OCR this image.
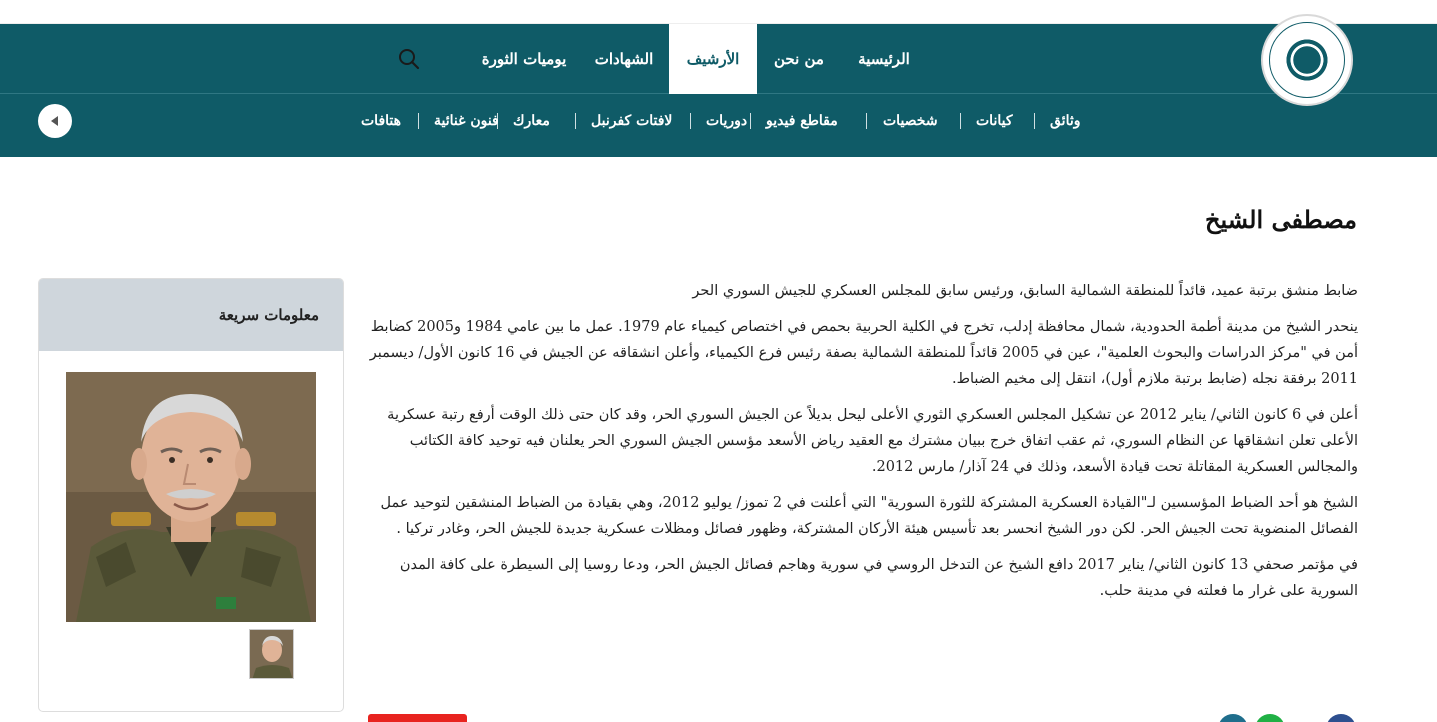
الرئيسية
من نحن
الأرشيف
الشهادات
يوميات الثورة
وثائق
كيانات
شخصيات
مقاطع فيديو
دوريات
لافتات كفرنبل
معارك
فنون غنائية
هتافات
مصطفى الشيخ

ضابط منشق برتبة عميد، قائداً للمنطقة الشمالية السابق، ورئيس سابق للمجلس العسكري للجيش السوري الحر

ينحدر الشيخ من مدينة أطمة الحدودية، شمال محافظة إدلب، تخرج في الكلية الحربية بحمص في اختصاص كيمياء عام 1979. عمل ما بين عامي 1984 و2005 كضابط أمن في "مركز الدراسات والبحوث العلمية"، عين في 2005 قائداً للمنطقة الشمالية بصفة رئيس فرع الكيمياء، وأعلن انشقاقه عن الجيش في 16 كانون الأول/ ديسمبر 2011 برفقة نجله (ضابط برتبة ملازم أول)، انتقل إلى مخيم الضباط.

أعلن في 6 كانون الثاني/ يناير 2012 عن تشكيل المجلس العسكري الثوري الأعلى ليحل بديلاً عن الجيش السوري الحر، وقد كان حتى ذلك الوقت أرفع رتبة عسكرية الأعلى تعلن انشقاقها عن النظام السوري، ثم عقب اتفاق خرج ببيان مشترك مع العقيد رياض الأسعد مؤسس الجيش السوري الحر يعلنان فيه توحيد كافة الكتائب والمجالس العسكرية المقاتلة تحت قيادة الأسعد، وذلك في 24 آذار/ مارس 2012.

الشيخ هو أحد الضباط المؤسسين لـ"القيادة العسكرية المشتركة للثورة السورية" التي أعلنت في 2 تموز/ يوليو 2012، وهي بقيادة من الضباط المنشقين لتوحيد عمل الفصائل المنضوية تحت الجيش الحر. لكن دور الشيخ انحسر بعد تأسيس هيئة الأركان المشتركة، وظهور فصائل ومظلات عسكرية جديدة للجيش الحر، وغادر تركيا .

في مؤتمر صحفي 13 كانون الثاني/ يناير 2017 دافع الشيخ عن التدخل الروسي في سورية وهاجم فصائل الجيش الحر، ودعا روسيا إلى السيطرة على كافة المدن السورية على غرار ما فعلته في مدينة حلب.

معلومات سريعة
